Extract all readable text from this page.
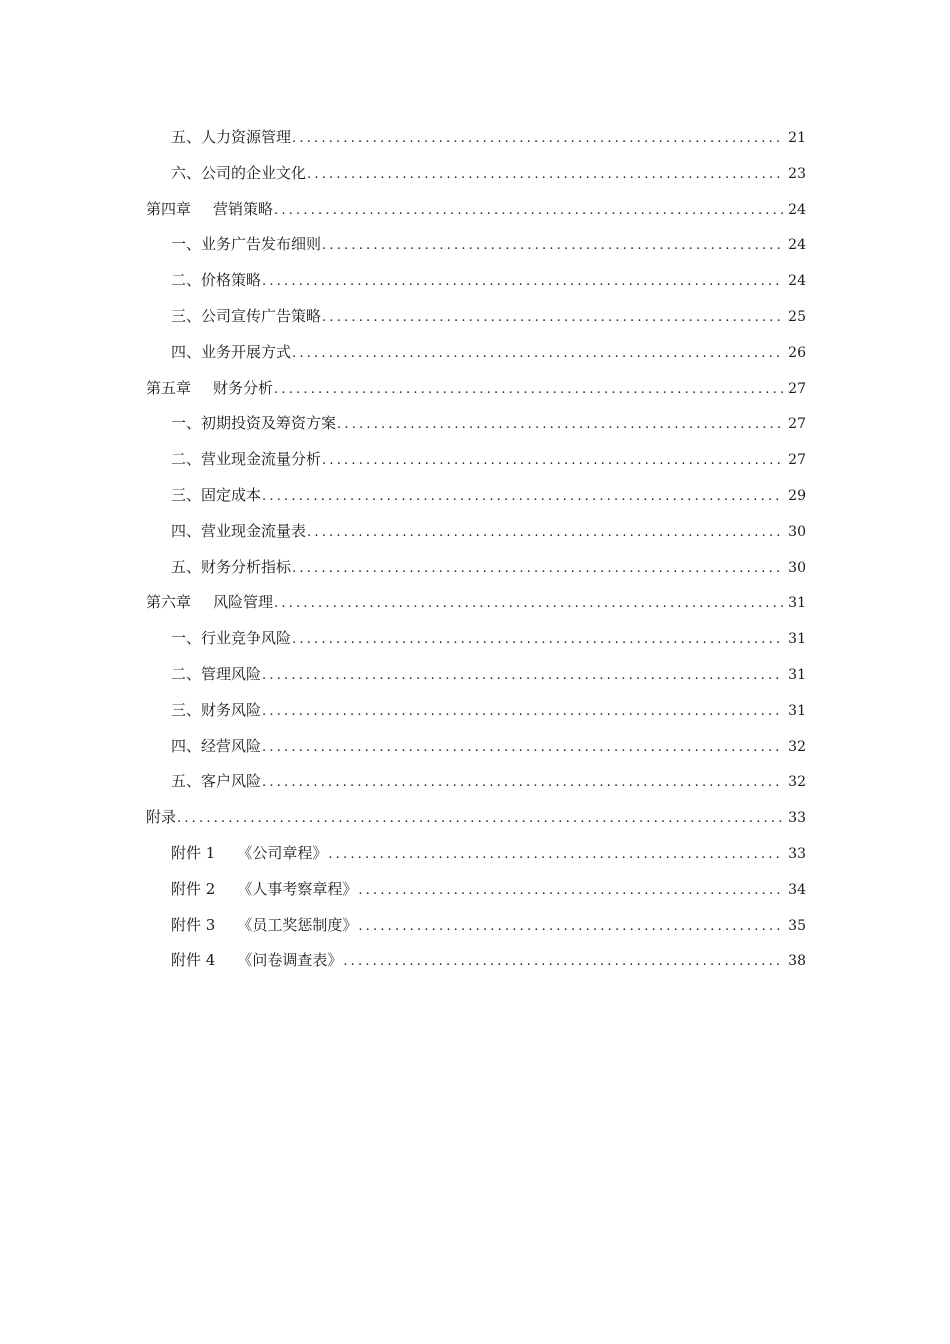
五、人力资源管理 .....	21
六、公司的企业文化 .....	23
第四章 营销策略 .....	24
一、业务广告发布细则 .....	24
二、价格策略 .....	24
三、公司宣传广告策略 .....	25
四、业务开展方式 .....	26
第五章 财务分析 .....	27
一、初期投资及筹资方案 .....	27
二、营业现金流量分析 .....	27
三、固定成本 .....	29
四、营业现金流量表 .....	30
五、财务分析指标 .....	30
第六章 风险管理 .....	31
一、行业竞争风险 .....	31
二、管理风险 .....	31
三、财务风险 .....	31
四、经营风险 .....	32
五、客户风险 .....	32
附录 .....	33
附件 1 《公司章程》 .....	33
附件 2 《人事考察章程》 .....	34
附件 3 《员工奖惩制度》 .....	35
附件 4 《问卷调查表》 .....	38
